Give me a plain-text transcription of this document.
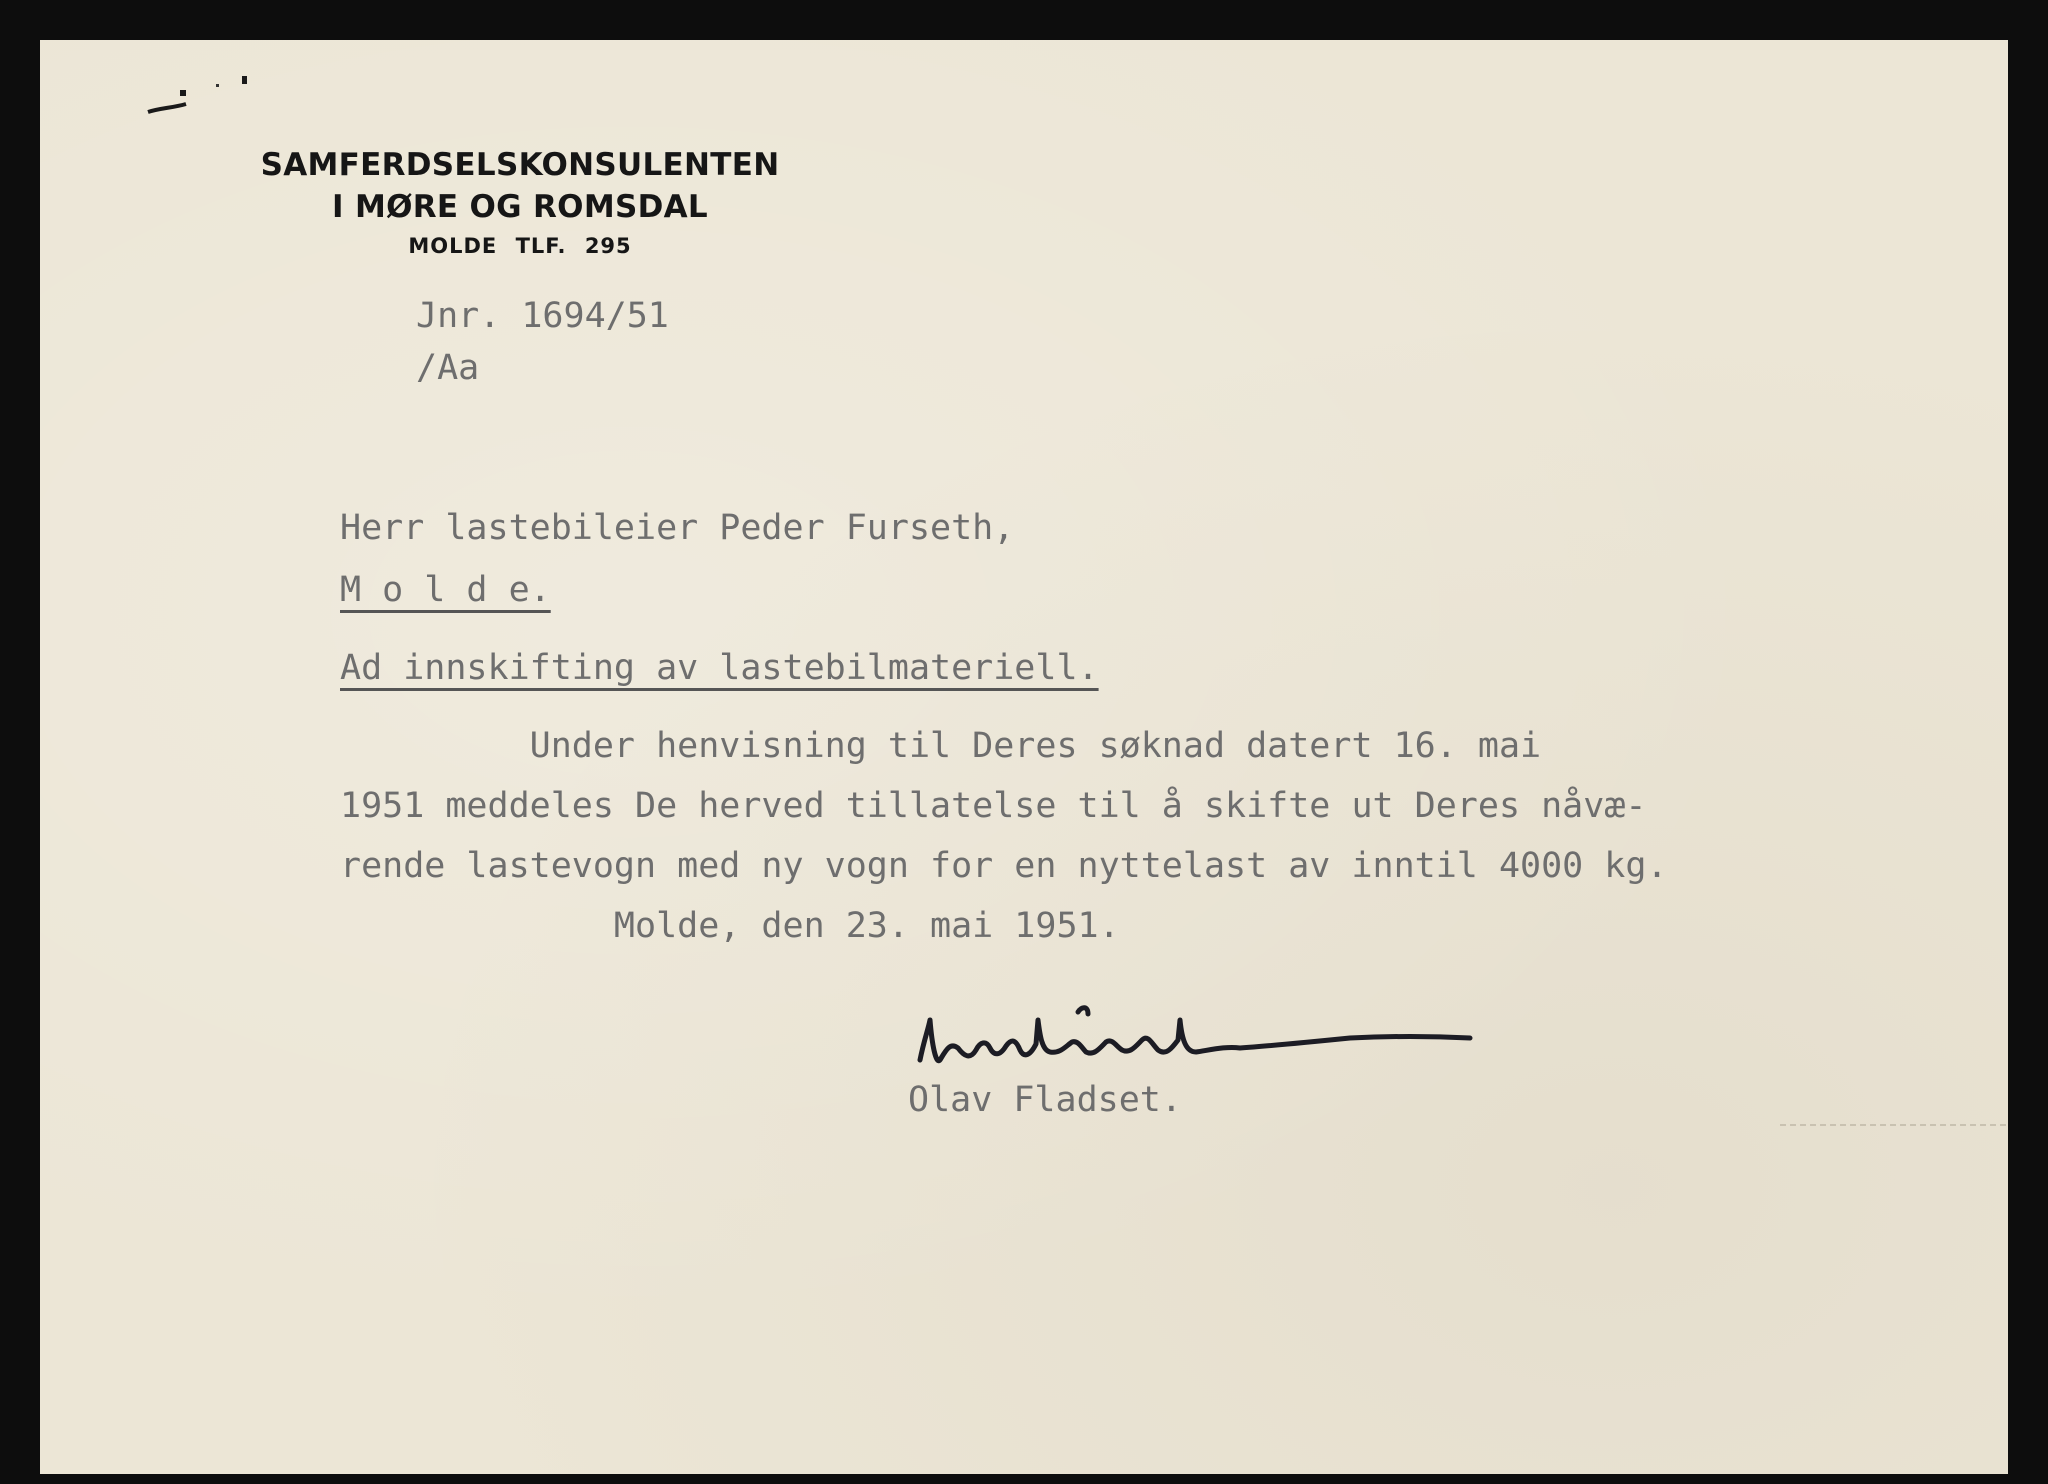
SAMFERDSELSKONSULENTEN
I MØRE OG ROMSDAL
MOLDE TLF. 295
Jnr. 1694/51
/Aa
Herr lastebileier Peder Furseth,
M o l d e.
Ad innskifting av lastebilmateriell.
Under henvisning til Deres søknad datert 16. mai
1951 meddeles De herved tillatelse til å skifte ut Deres nåvæ-
rende lastevogn med ny vogn for en nyttelast av inntil 4000 kg.
Molde, den 23. mai 1951.
Olav Fladset.
